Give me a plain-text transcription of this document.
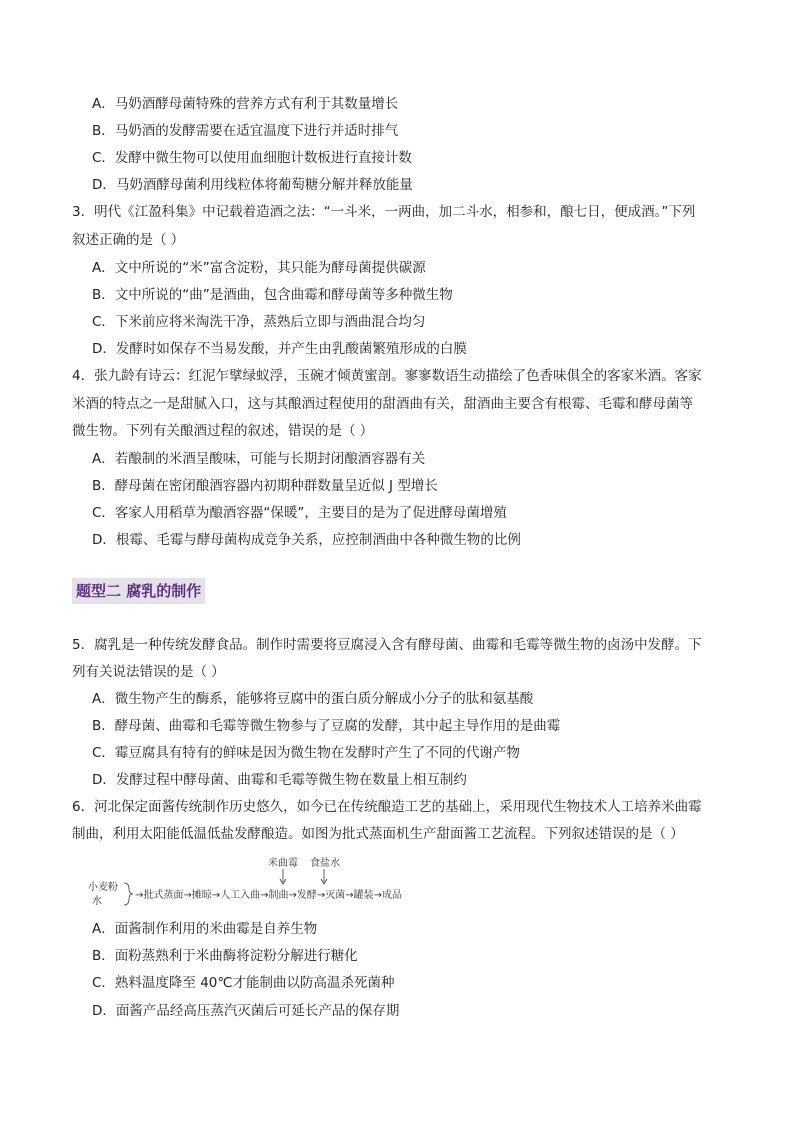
A．马奶酒酵母菌特殊的营养方式有利于其数量增长
B．马奶酒的发酵需要在适宜温度下进行并适时排气
C．发酵中微生物可以使用血细胞计数板进行直接计数
D．马奶酒酵母菌利用线粒体将葡萄糖分解并释放能量
3．明代《江盈科集》中记载着造酒之法：“一斗米，一两曲，加二斗水，相参和，酿七日，便成酒。”下列
叙述正确的是（ ）
A．文中所说的“米”富含淀粉，其只能为酵母菌提供碳源
B．文中所说的“曲”是酒曲，包含曲霉和酵母菌等多种微生物
C．下米前应将米淘洗干净，蒸熟后立即与酒曲混合均匀
D．发酵时如保存不当易发酸，并产生由乳酸菌繁殖形成的白膜
4．张九龄有诗云：红泥乍擘绿蚁浮，玉碗才倾黄蜜剖。寥寥数语生动描绘了色香味俱全的客家米酒。客家
米酒的特点之一是甜腻入口，这与其酿酒过程使用的甜酒曲有关，甜酒曲主要含有根霉、毛霉和酵母菌等
微生物。下列有关酿酒过程的叙述，错误的是（ ）
A．若酿制的米酒呈酸味，可能与长期封闭酿酒容器有关
B．酵母菌在密闭酿酒容器内初期种群数量呈近似 J 型增长
C．客家人用稻草为酿酒容器“保暖”，主要目的是为了促进酵母菌增殖
D．根霉、毛霉与酵母菌构成竞争关系，应控制酒曲中各种微生物的比例
题型二 腐乳的制作
5．腐乳是一种传统发酵食品。制作时需要将豆腐浸入含有酵母菌、曲霉和毛霉等微生物的卤汤中发酵。下
列有关说法错误的是（ ）
A．微生物产生的酶系，能够将豆腐中的蛋白质分解成小分子的肽和氨基酸
B．酵母菌、曲霉和毛霉等微生物参与了豆腐的发酵，其中起主导作用的是曲霉
C．霉豆腐具有特有的鲜味是因为微生物在发酵时产生了不同的代谢产物
D．发酵过程中酵母菌、曲霉和毛霉等微生物在数量上相互制约
6．河北保定面酱传统制作历史悠久，如今已在传统酿造工艺的基础上，采用现代生物技术人工培养米曲霉
制曲，利用太阳能低温低盐发酵酿造。如图为批式蒸面机生产甜面酱工艺流程。下列叙述错误的是（ ）
米曲霉 食盐水
小麦粉
水
→批式蒸面→摊晾→人工入曲→制曲→发酵→灭菌→罐装→成品
A．面酱制作利用的米曲霉是自养生物
B．面粉蒸熟利于米曲酶将淀粉分解进行糖化
C．熟料温度降至 40℃才能制曲以防高温杀死菌种
D．面酱产品经高压蒸汽灭菌后可延长产品的保存期
